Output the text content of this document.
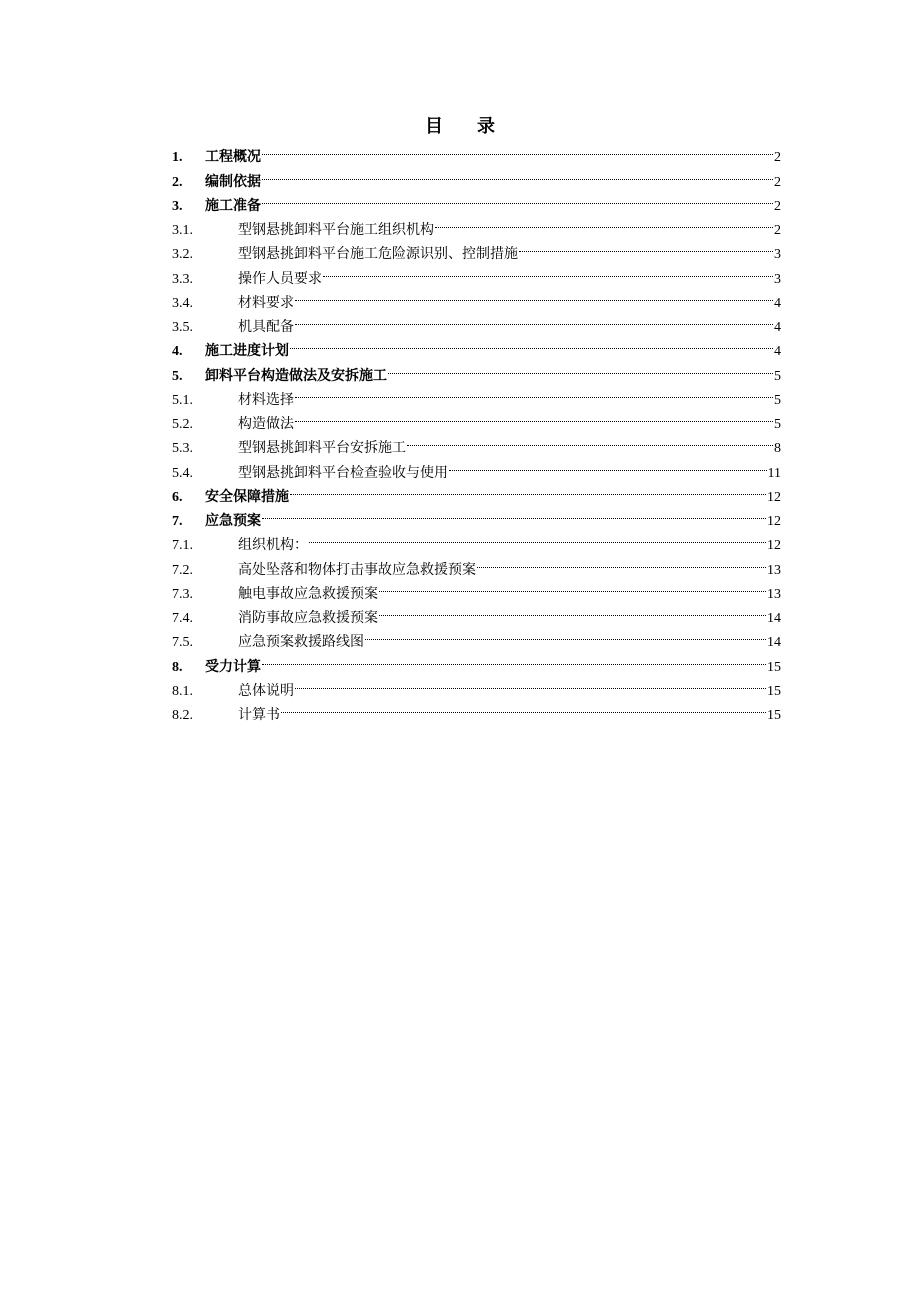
目 录
1.	工程概况	2
2.	编制依据	2
3.	施工准备	2
3.1.	型钢悬挑卸料平台施工组织机构	2
3.2.	型钢悬挑卸料平台施工危险源识别、控制措施	3
3.3.	操作人员要求	3
3.4.	材料要求	4
3.5.	机具配备	4
4.	施工进度计划	4
5.	卸料平台构造做法及安拆施工	5
5.1.	材料选择	5
5.2.	构造做法	5
5.3.	型钢悬挑卸料平台安拆施工	8
5.4.	型钢悬挑卸料平台检查验收与使用	11
6.	安全保障措施	12
7.	应急预案	12
7.1.	组织机构：	12
7.2.	高处坠落和物体打击事故应急救援预案	13
7.3.	触电事故应急救援预案	13
7.4.	消防事故应急救援预案	14
7.5.	应急预案救援路线图	14
8.	受力计算	15
8.1.	总体说明	15
8.2.	计算书	15
